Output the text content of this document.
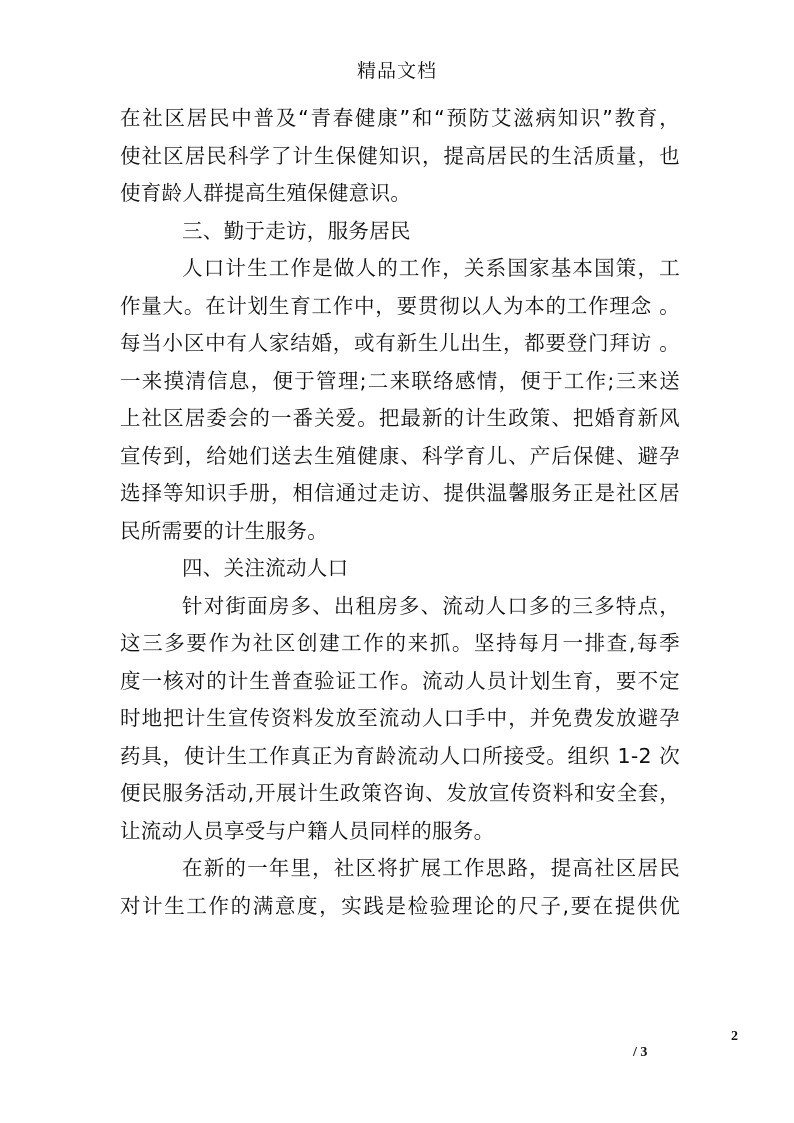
精品文档
在社区居民中普及“青春健康”和“预防艾滋病知识”教育，
使社区居民科学了计生保健知识，提高居民的生活质量，也
使育龄人群提高生殖保健意识。
三、勤于走访，服务居民
人口计生工作是做人的工作，关系国家基本国策，工
作量大。在计划生育工作中，要贯彻以人为本的工作理念 。
每当小区中有人家结婚，或有新生儿出生，都要登门拜访 。
一来摸清信息，便于管理;二来联络感情，便于工作;三来送
上社区居委会的一番关爱。把最新的计生政策、把婚育新风
宣传到，给她们送去生殖健康、科学育儿、产后保健、避孕
选择等知识手册，相信通过走访、提供温馨服务正是社区居
民所需要的计生服务。
四、关注流动人口
针对街面房多、出租房多、流动人口多的三多特点，
这三多要作为社区创建工作的来抓。坚持每月一排查,每季
度一核对的计生普查验证工作。流动人员计划生育，要不定
时地把计生宣传资料发放至流动人口手中，并免费发放避孕
药具，使计生工作真正为育龄流动人口所接受。组织 1-2 次
便民服务活动,开展计生政策咨询、发放宣传资料和安全套，
让流动人员享受与户籍人员同样的服务。
在新的一年里，社区将扩展工作思路，提高社区居民
对计生工作的满意度，实践是检验理论的尺子,要在提供优
2
/ 3
